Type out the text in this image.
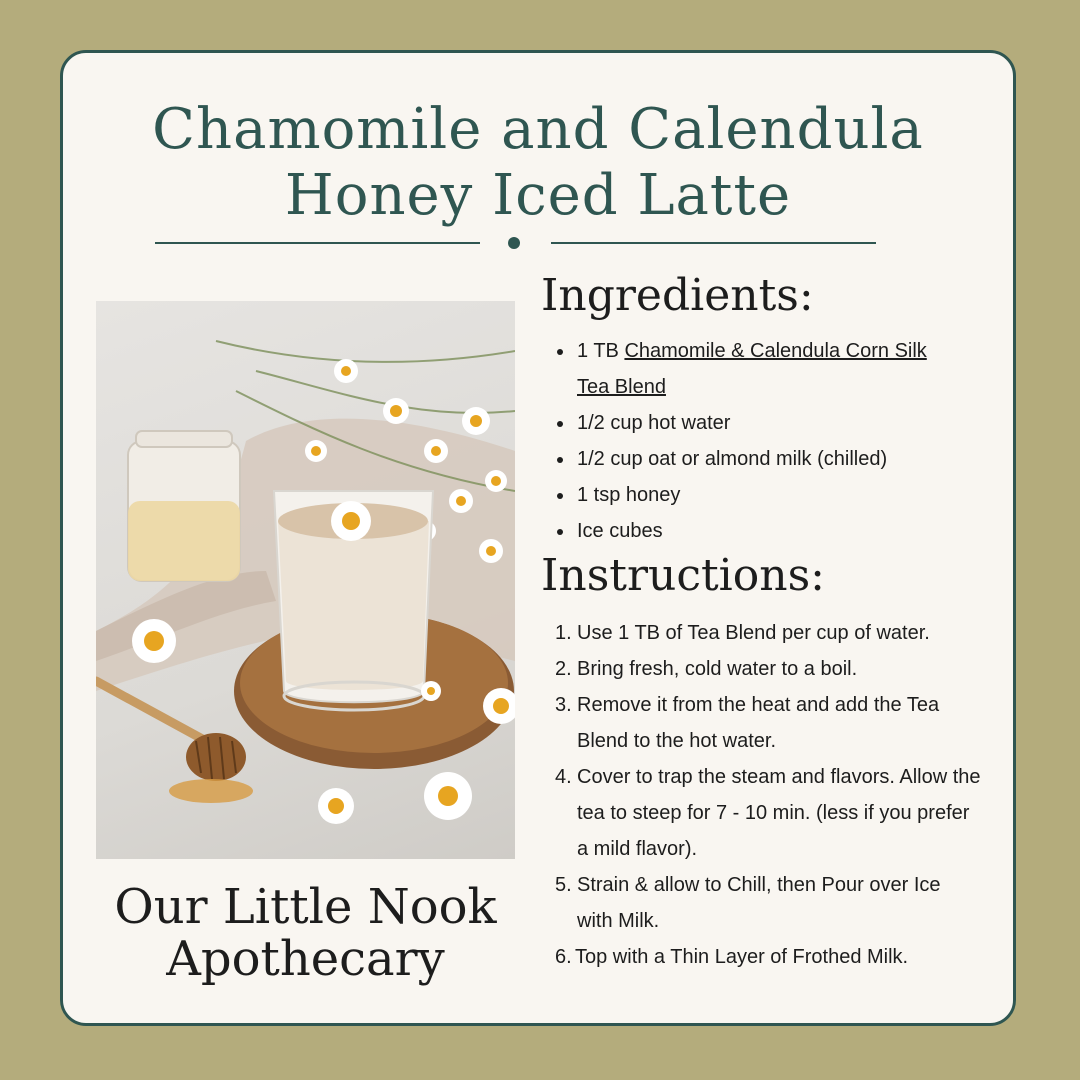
Chamomile and Calendula
Honey Iced Latte
Our Little Nook
Apothecary
Ingredients:
1 TB Chamomile & Calendula Corn Silk Tea Blend
1/2 cup hot water
1/2 cup oat or almond milk (chilled)
1 tsp honey
Ice cubes
Instructions:
1. Use 1 TB of Tea Blend per cup of water.
2. Bring fresh, cold water to a boil.
3. Remove it from the heat and add the Tea Blend to the hot water.
4. Cover to trap the steam and flavors. Allow the tea to steep for 7 - 10 min. (less if you prefer a mild flavor).
5. Strain & allow to Chill, then Pour over Ice with Milk.
6. Top with a Thin Layer of Frothed Milk.
